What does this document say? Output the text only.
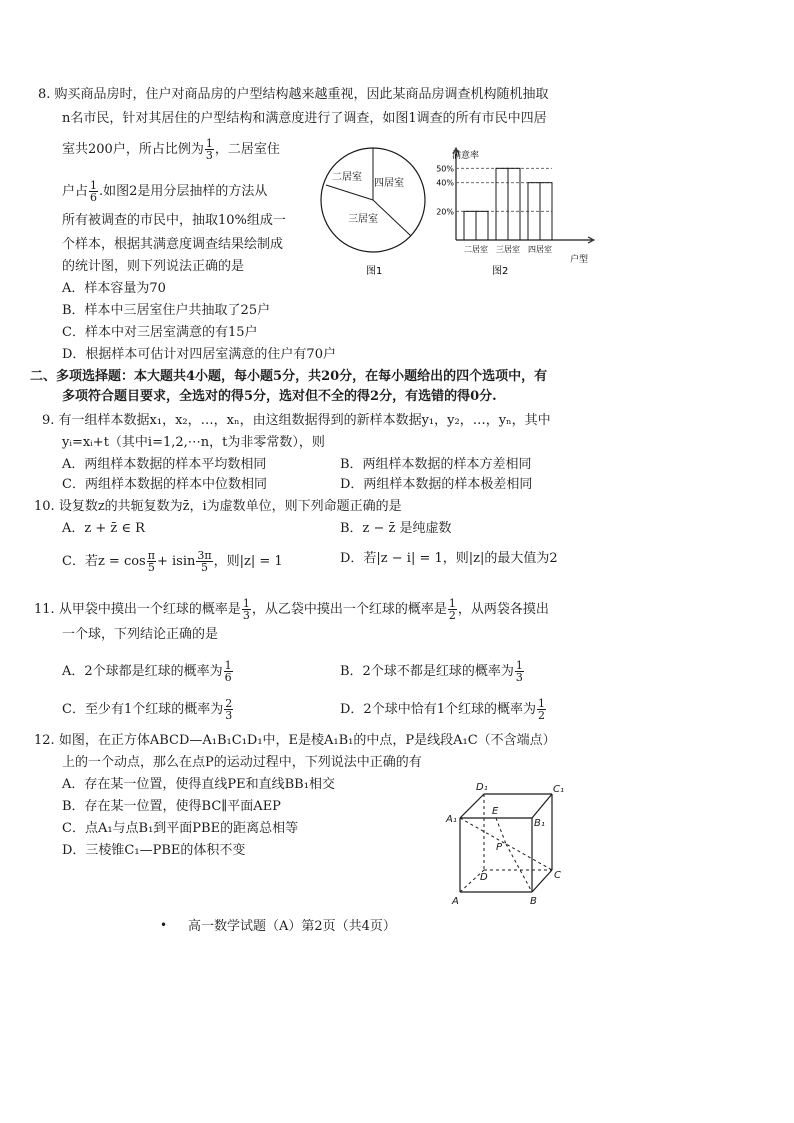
8. 购买商品房时，住户对商品房的户型结构越来越重视，因此某商品房调查机构随机抽取
n名市民，针对其居住的户型结构和满意度进行了调查，如图1调查的所有市民中四居
室共200户，所占比例为 $\frac{1}{3}$ ，二居室住
户占 $\frac{1}{6}$ .如图2是用分层抽样的方法从
所有被调查的市民中，抽取10%组成一
个样本，根据其满意度调查结果绘制成
的统计图，则下列说法正确的是
A．样本容量为70
B．样本中三居室住户共抽取了25户
C．样本中对三居室满意的有15户
D．根据样本可估计对四居室满意的住户有70户
二居室
四居室
三居室
图1
满意率
户型
图2
50%
40%
20%
二居室 三居室 四居室
二、多项选择题：本大题共4小题，每小题5分，共20分，在每小题给出的四个选项中，有
多项符合题目要求，全选对的得5分，选对但不全的得2分，有选错的得0分.
9. 有一组样本数据x₁，x₂，…，xₙ，由这组数据得到的新样本数据y₁，y₂，…，yₙ，其中
yᵢ=xᵢ+t（其中i=1,2,⋯n，t为非零常数），则
A．两组样本数据的样本平均数相同	B．两组样本数据的样本方差相同
C．两组样本数据的样本中位数相同	D．两组样本数据的样本极差相同
10. 设复数z的共轭复数为z̄，i为虚数单位，则下列命题正确的是
A．z + z̄ ∈ R	B．z − z̄ 是纯虚数
C．若$z = \cos \frac{\pi}{5} + isin \frac{3\pi}{5}$ ，则|z| = 1	D．若|z − i| = 1，则|z|的最大值为2
11. 从甲袋中摸出一个红球的概率是 $\frac{1}{3}$ ，从乙袋中摸出一个红球的概率是 $\frac{1}{2}$ ，从两袋各摸出
一个球，下列结论正确的是
A．2个球都是红球的概率为 $\frac{1}{6}$	B．2个球不都是红球的概率为 $\frac{1}{3}$
C．至少有1个红球的概率为 $\frac{2}{3}$	D．2个球中恰有1个红球的概率为 $\frac{1}{2}$
12. 如图，在正方体ABCD—A₁B₁C₁D₁中，E是棱A₁B₁的中点，P是线段A₁C（不含端点）
上的一个动点，那么在点P的运动过程中，下列说法中正确的有
A．存在某一位置，使得直线PE和直线BB₁相交
B．存在某一位置，使得BC∥平面AEP
C．点A₁与点B₁到平面PBE的距离总相等
D．三棱锥C₁—PBE的体积不变
D₁	C₁
A₁	B₁
E
P
D	C
A	B
• 高一数学试题（A）第2页（共4页）
